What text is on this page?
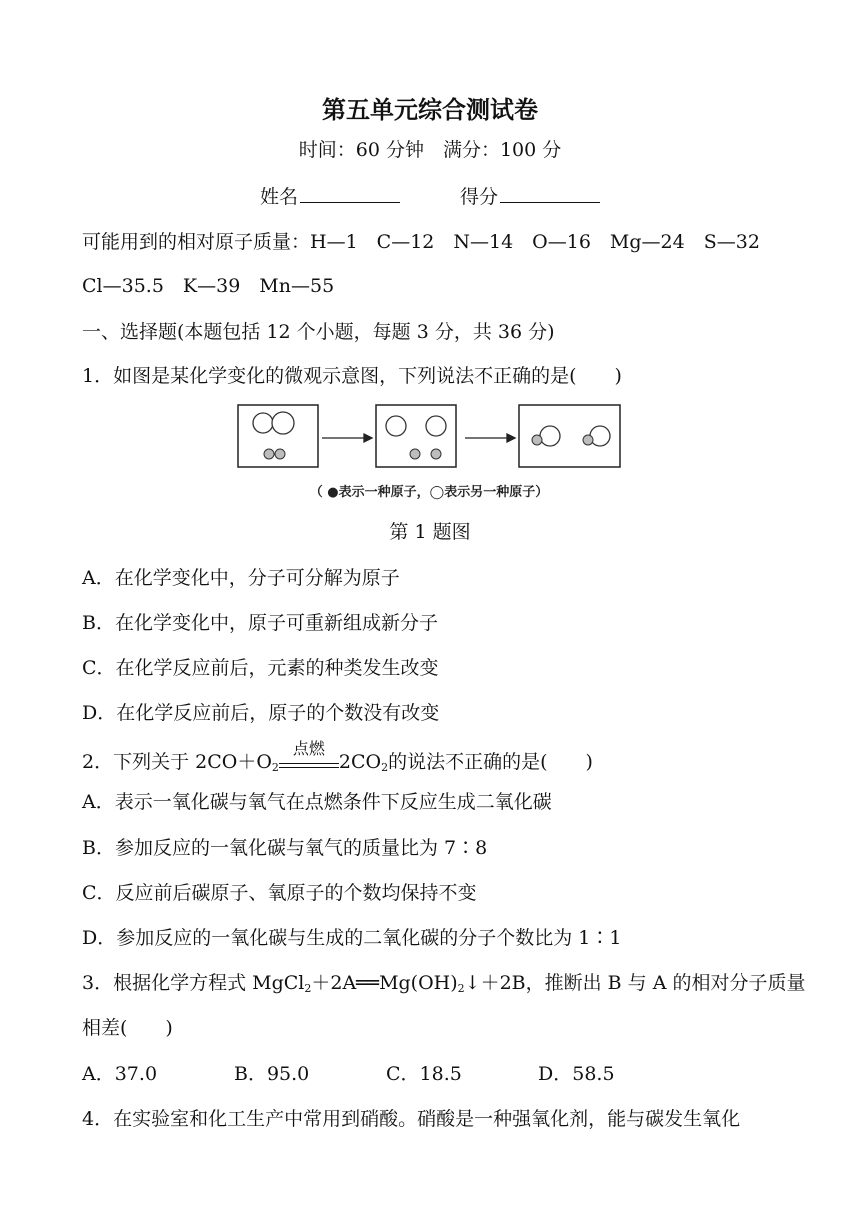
第五单元综合测试卷
时间：60 分钟　满分：100 分
姓名	得分
可能用到的相对原子质量：H—1　C—12　N—14　O—16　Mg—24　S—32
Cl—35.5　K—39　Mn—55
一、选择题(本题包括 12 个小题，每题 3 分，共 36 分)
1．如图是某化学变化的微观示意图，下列说法不正确的是(　　)
（ ●表示一种原子，◯表示另一种原子）
第 1 题图
A．在化学变化中，分子可分解为原子
B．在化学变化中，原子可重新组成新分子
C．在化学反应前后，元素的种类发生改变
D．在化学反应前后，原子的个数没有改变
2．下列关于 $2CO+O_2$
点燃
$2CO_2$的说法不正确的是(　　)
A．表示一氧化碳与氧气在点燃条件下反应生成二氧化碳
B．参加反应的一氧化碳与氧气的质量比为 7∶8
C．反应前后碳原子、氧原子的个数均保持不变
D．参加反应的一氧化碳与生成的二氧化碳的分子个数比为 1∶1
3．根据化学方程式 $MgCl_2+2A══Mg(OH)_2↓+2B$，推断出 B 与 A 的相对分子质量
相差(　　)
A．37.0	B．95.0	C．18.5	D．58.5
4．在实验室和化工生产中常用到硝酸。硝酸是一种强氧化剂，能与碳发生氧化
